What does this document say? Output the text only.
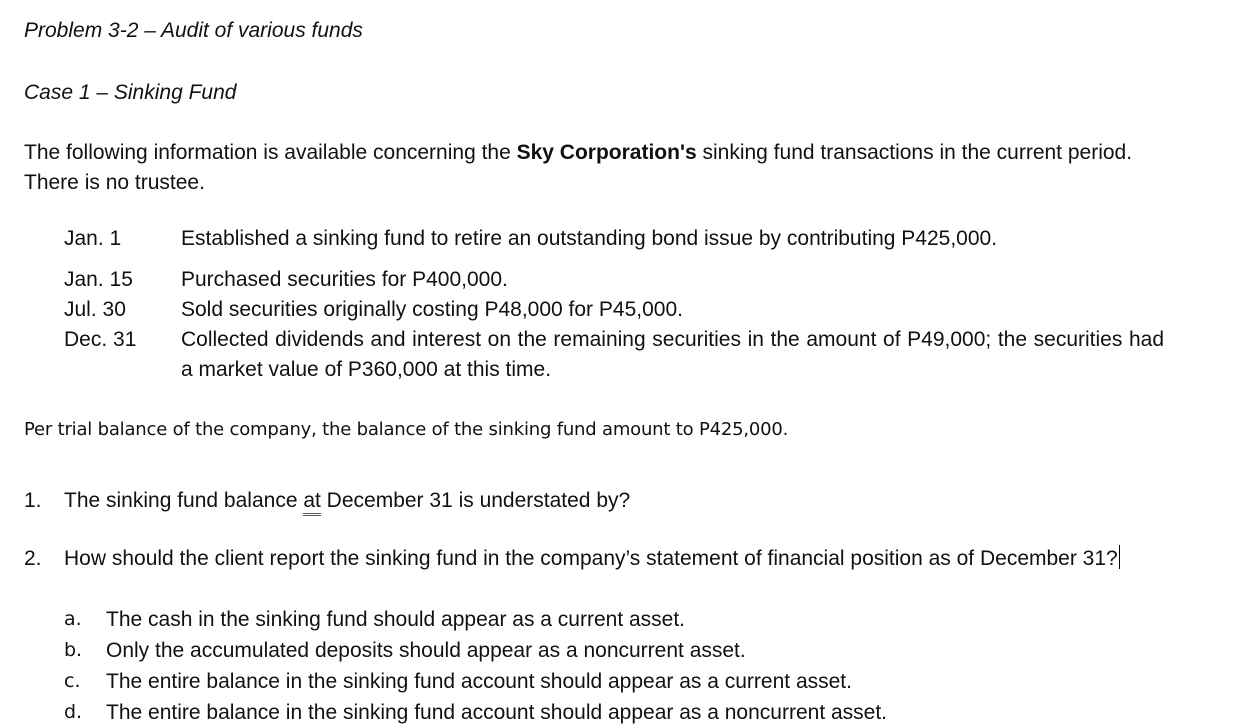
Problem 3-2 – Audit of various funds
Case 1 – Sinking Fund
The following information is available concerning the Sky Corporation's sinking fund transactions in the current period. There is no trustee.
Jan. 1	Established a sinking fund to retire an outstanding bond issue by contributing P425,000.
Jan. 15	Purchased securities for P400,000.
Jul. 30	Sold securities originally costing P48,000 for P45,000.
Dec. 31	Collected dividends and interest on the remaining securities in the amount of P49,000; the securities had a market value of P360,000 at this time.
Per trial balance of the company, the balance of the sinking fund amount to P425,000.
1.	The sinking fund balance at December 31 is understated by?
2.	How should the client report the sinking fund in the company’s statement of financial position as of December 31?
a.	The cash in the sinking fund should appear as a current asset.
b.	Only the accumulated deposits should appear as a noncurrent asset.
c.	The entire balance in the sinking fund account should appear as a current asset.
d.	The entire balance in the sinking fund account should appear as a noncurrent asset.
